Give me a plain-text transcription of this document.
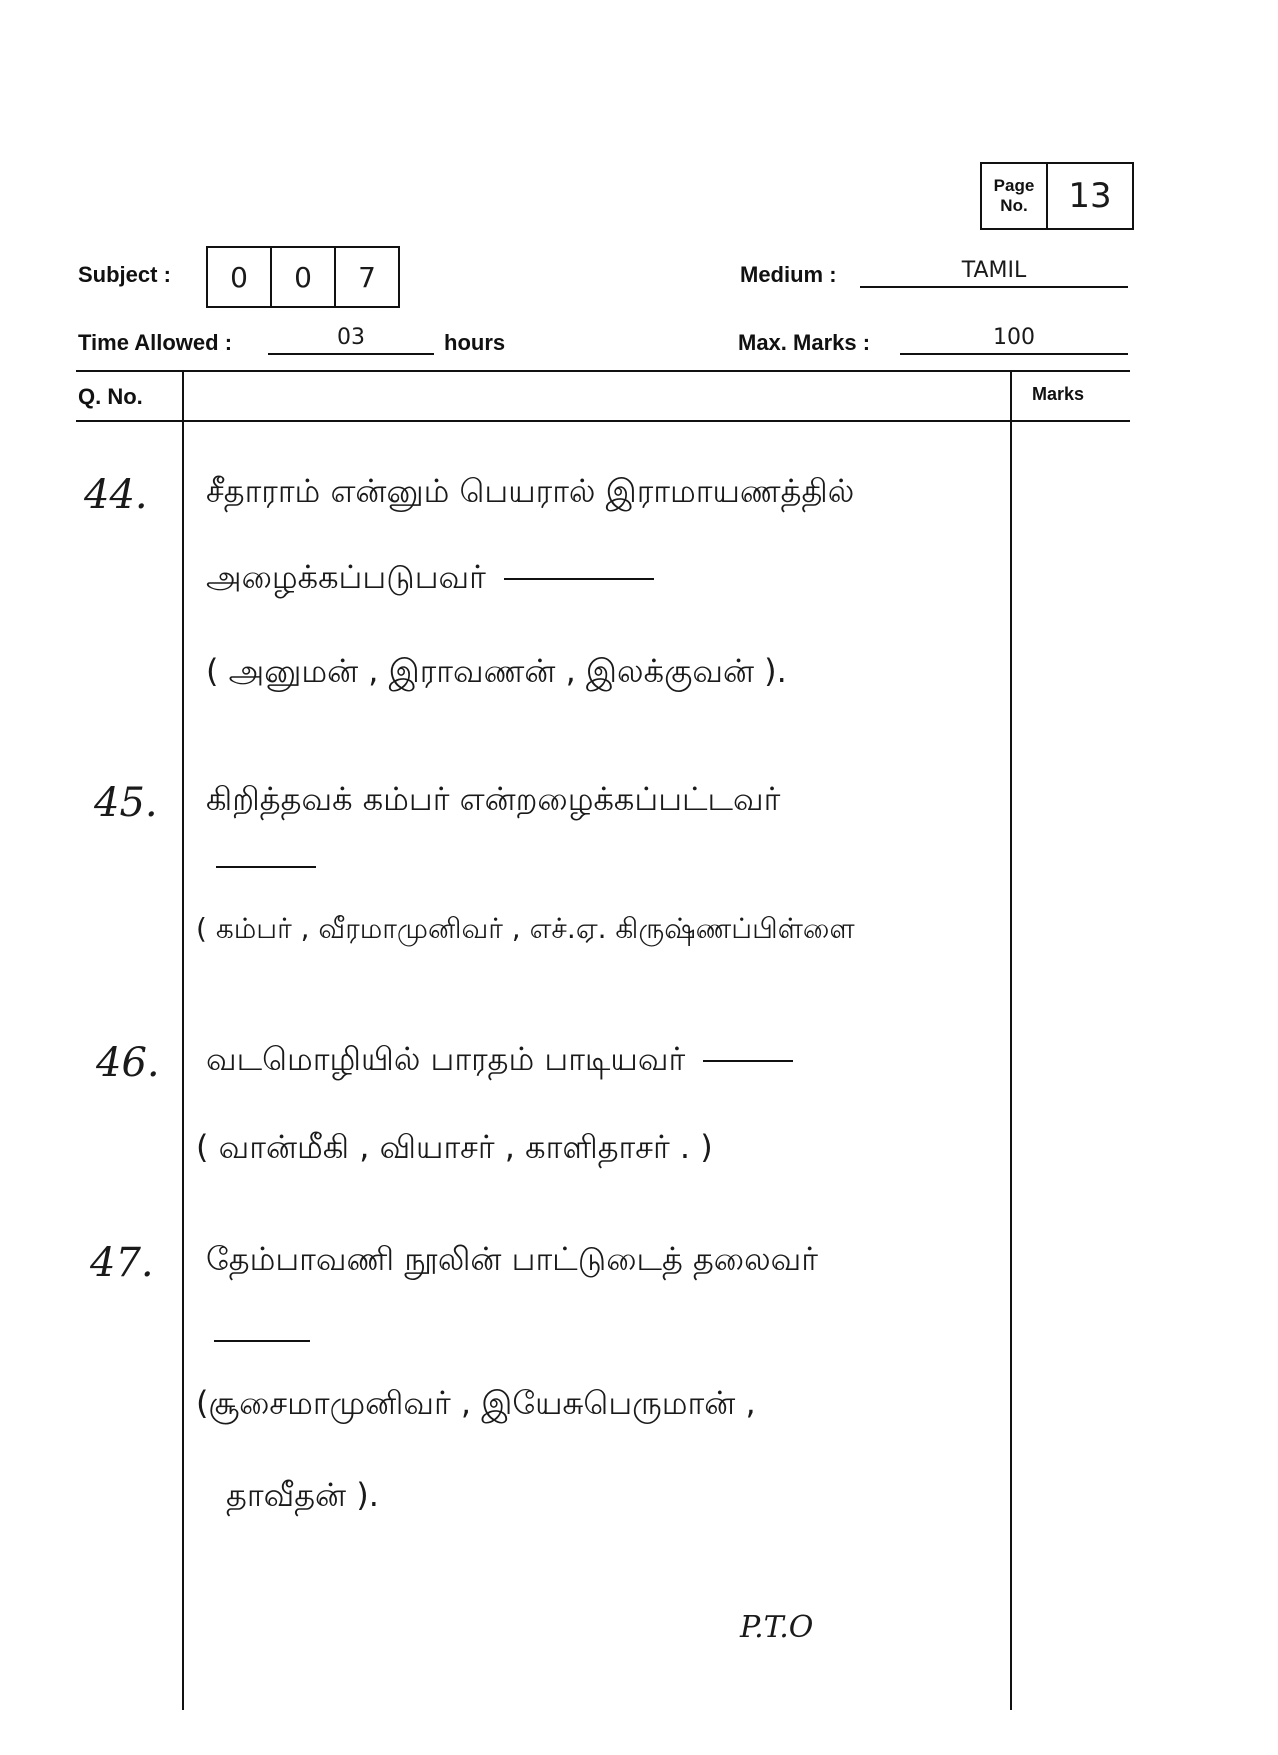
Page
No.	13
Subject :	0	0	7	Medium :	TAMIL
Time Allowed :	03	hours	Max. Marks :	100
Q. No.	Marks
44. சீதாராம் என்னும் பெயரால் இராமாயணத்தில்
அழைக்கப்படுபவர்
( அனுமன் , இராவணன் , இலக்குவன் ).
45. கிறித்தவக் கம்பர் என்றழைக்கப்பட்டவர்
( கம்பர் , வீரமாமுனிவர் , எச்.ஏ. கிருஷ்ணப்பிள்ளை
46. வடமொழியில் பாரதம் பாடியவர்
( வான்மீகி , வியாசர் , காளிதாசர் . )
47. தேம்பாவணி நூலின் பாட்டுடைத் தலைவர்
(சூசைமாமுனிவர் , இயேசுபெருமான் ,
தாவீதன் ).
P.T.O
